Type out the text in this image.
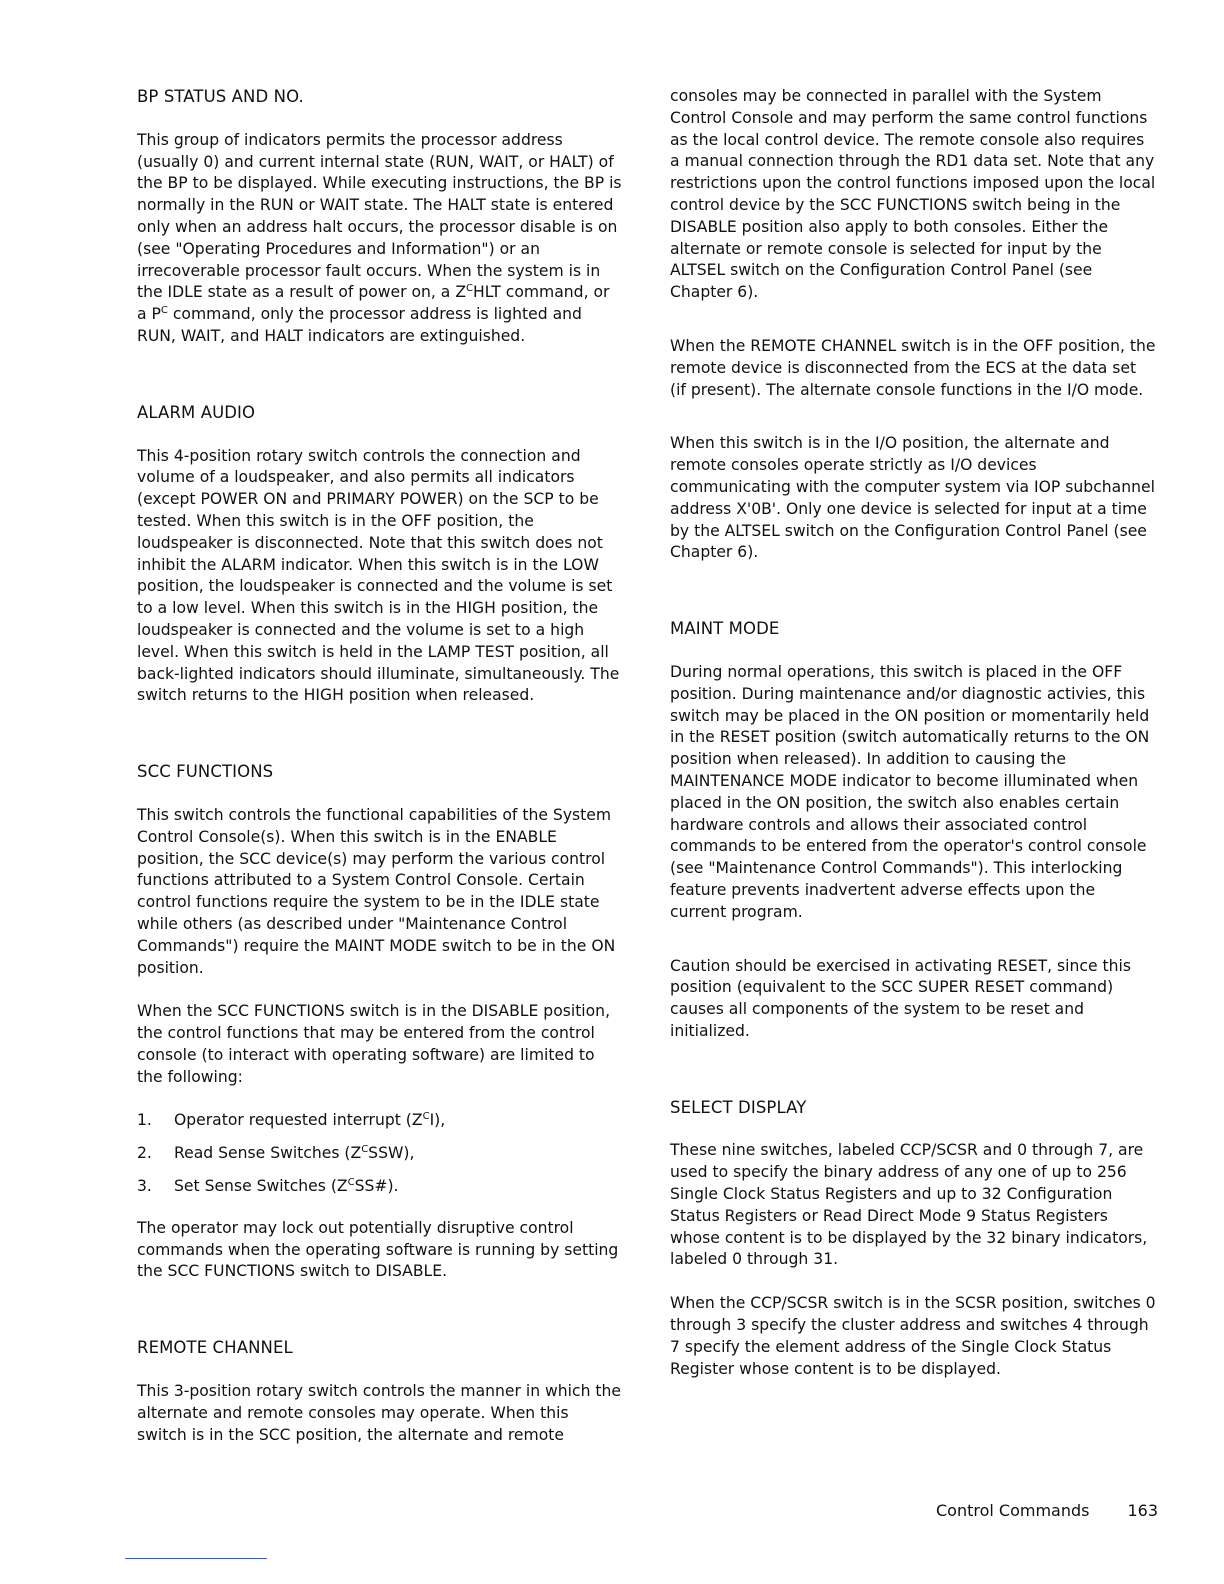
BP STATUS AND NO.

This group of indicators permits the processor address (usually 0) and current internal state (RUN, WAIT, or HALT) of the BP to be displayed. While executing instructions, the BP is normally in the RUN or WAIT state. The HALT state is entered only when an address halt occurs, the processor disable is on (see "Operating Procedures and Information") or an irrecoverable processor fault occurs. When the system is in the IDLE state as a result of power on, a $Z^CHLT$ command, or a $P^C$ command, only the processor address is lighted and RUN, WAIT, and HALT indicators are extinguished.

ALARM AUDIO

This 4-position rotary switch controls the connection and volume of a loudspeaker, and also permits all indicators (except POWER ON and PRIMARY POWER) on the SCP to be tested. When this switch is in the OFF position, the loudspeaker is disconnected. Note that this switch does not inhibit the ALARM indicator. When this switch is in the LOW position, the loudspeaker is connected and the volume is set to a low level. When this switch is in the HIGH position, the loudspeaker is connected and the volume is set to a high level. When this switch is held in the LAMP TEST position, all back-lighted indicators should illuminate, simultaneously. The switch returns to the HIGH position when released.

SCC FUNCTIONS

This switch controls the functional capabilities of the System Control Console(s). When this switch is in the ENABLE position, the SCC device(s) may perform the various control functions attributed to a System Control Console. Certain control functions require the system to be in the IDLE state while others (as described under "Maintenance Control Commands") require the MAINT MODE switch to be in the ON position.

When the SCC FUNCTIONS switch is in the DISABLE position, the control functions that may be entered from the control console (to interact with operating software) are limited to the following:

1.	Operator requested interrupt $(Z^CI)$,
2.	Read Sense Switches $(Z^CSSW)$,
3.	Set Sense Switches $(Z^CSS\#)$.

The operator may lock out potentially disruptive control commands when the operating software is running by setting the SCC FUNCTIONS switch to DISABLE.

REMOTE CHANNEL

This 3-position rotary switch controls the manner in which the alternate and remote consoles may operate. When this switch is in the SCC position, the alternate and remote

consoles may be connected in parallel with the System Control Console and may perform the same control functions as the local control device. The remote console also requires a manual connection through the RD1 data set. Note that any restrictions upon the control functions imposed upon the local control device by the SCC FUNCTIONS switch being in the DISABLE position also apply to both consoles. Either the alternate or remote console is selected for input by the ALTSEL switch on the Configuration Control Panel (see Chapter 6).

When the REMOTE CHANNEL switch is in the OFF position, the remote device is disconnected from the ECS at the data set (if present). The alternate console functions in the I/O mode.

When this switch is in the I/O position, the alternate and remote consoles operate strictly as I/O devices communicating with the computer system via IOP subchannel address X'0B'. Only one device is selected for input at a time by the ALTSEL switch on the Configuration Control Panel (see Chapter 6).

MAINT MODE

During normal operations, this switch is placed in the OFF position. During maintenance and/or diagnostic activies, this switch may be placed in the ON position or momentarily held in the RESET position (switch automatically returns to the ON position when released). In addition to causing the MAINTENANCE MODE indicator to become illuminated when placed in the ON position, the switch also enables certain hardware controls and allows their associated control commands to be entered from the operator's control console (see "Maintenance Control Commands"). This interlocking feature prevents inadvertent adverse effects upon the current program.

Caution should be exercised in activating RESET, since this position (equivalent to the SCC SUPER RESET command) causes all components of the system to be reset and initialized.

SELECT DISPLAY

These nine switches, labeled CCP/SCSR and 0 through 7, are used to specify the binary address of any one of up to 256 Single Clock Status Registers and up to 32 Configuration Status Registers or Read Direct Mode 9 Status Registers whose content is to be displayed by the 32 binary indicators, labeled 0 through 31.

When the CCP/SCSR switch is in the SCSR position, switches 0 through 3 specify the cluster address and switches 4 through 7 specify the element address of the Single Clock Status Register whose content is to be displayed.

Control Commands 163
